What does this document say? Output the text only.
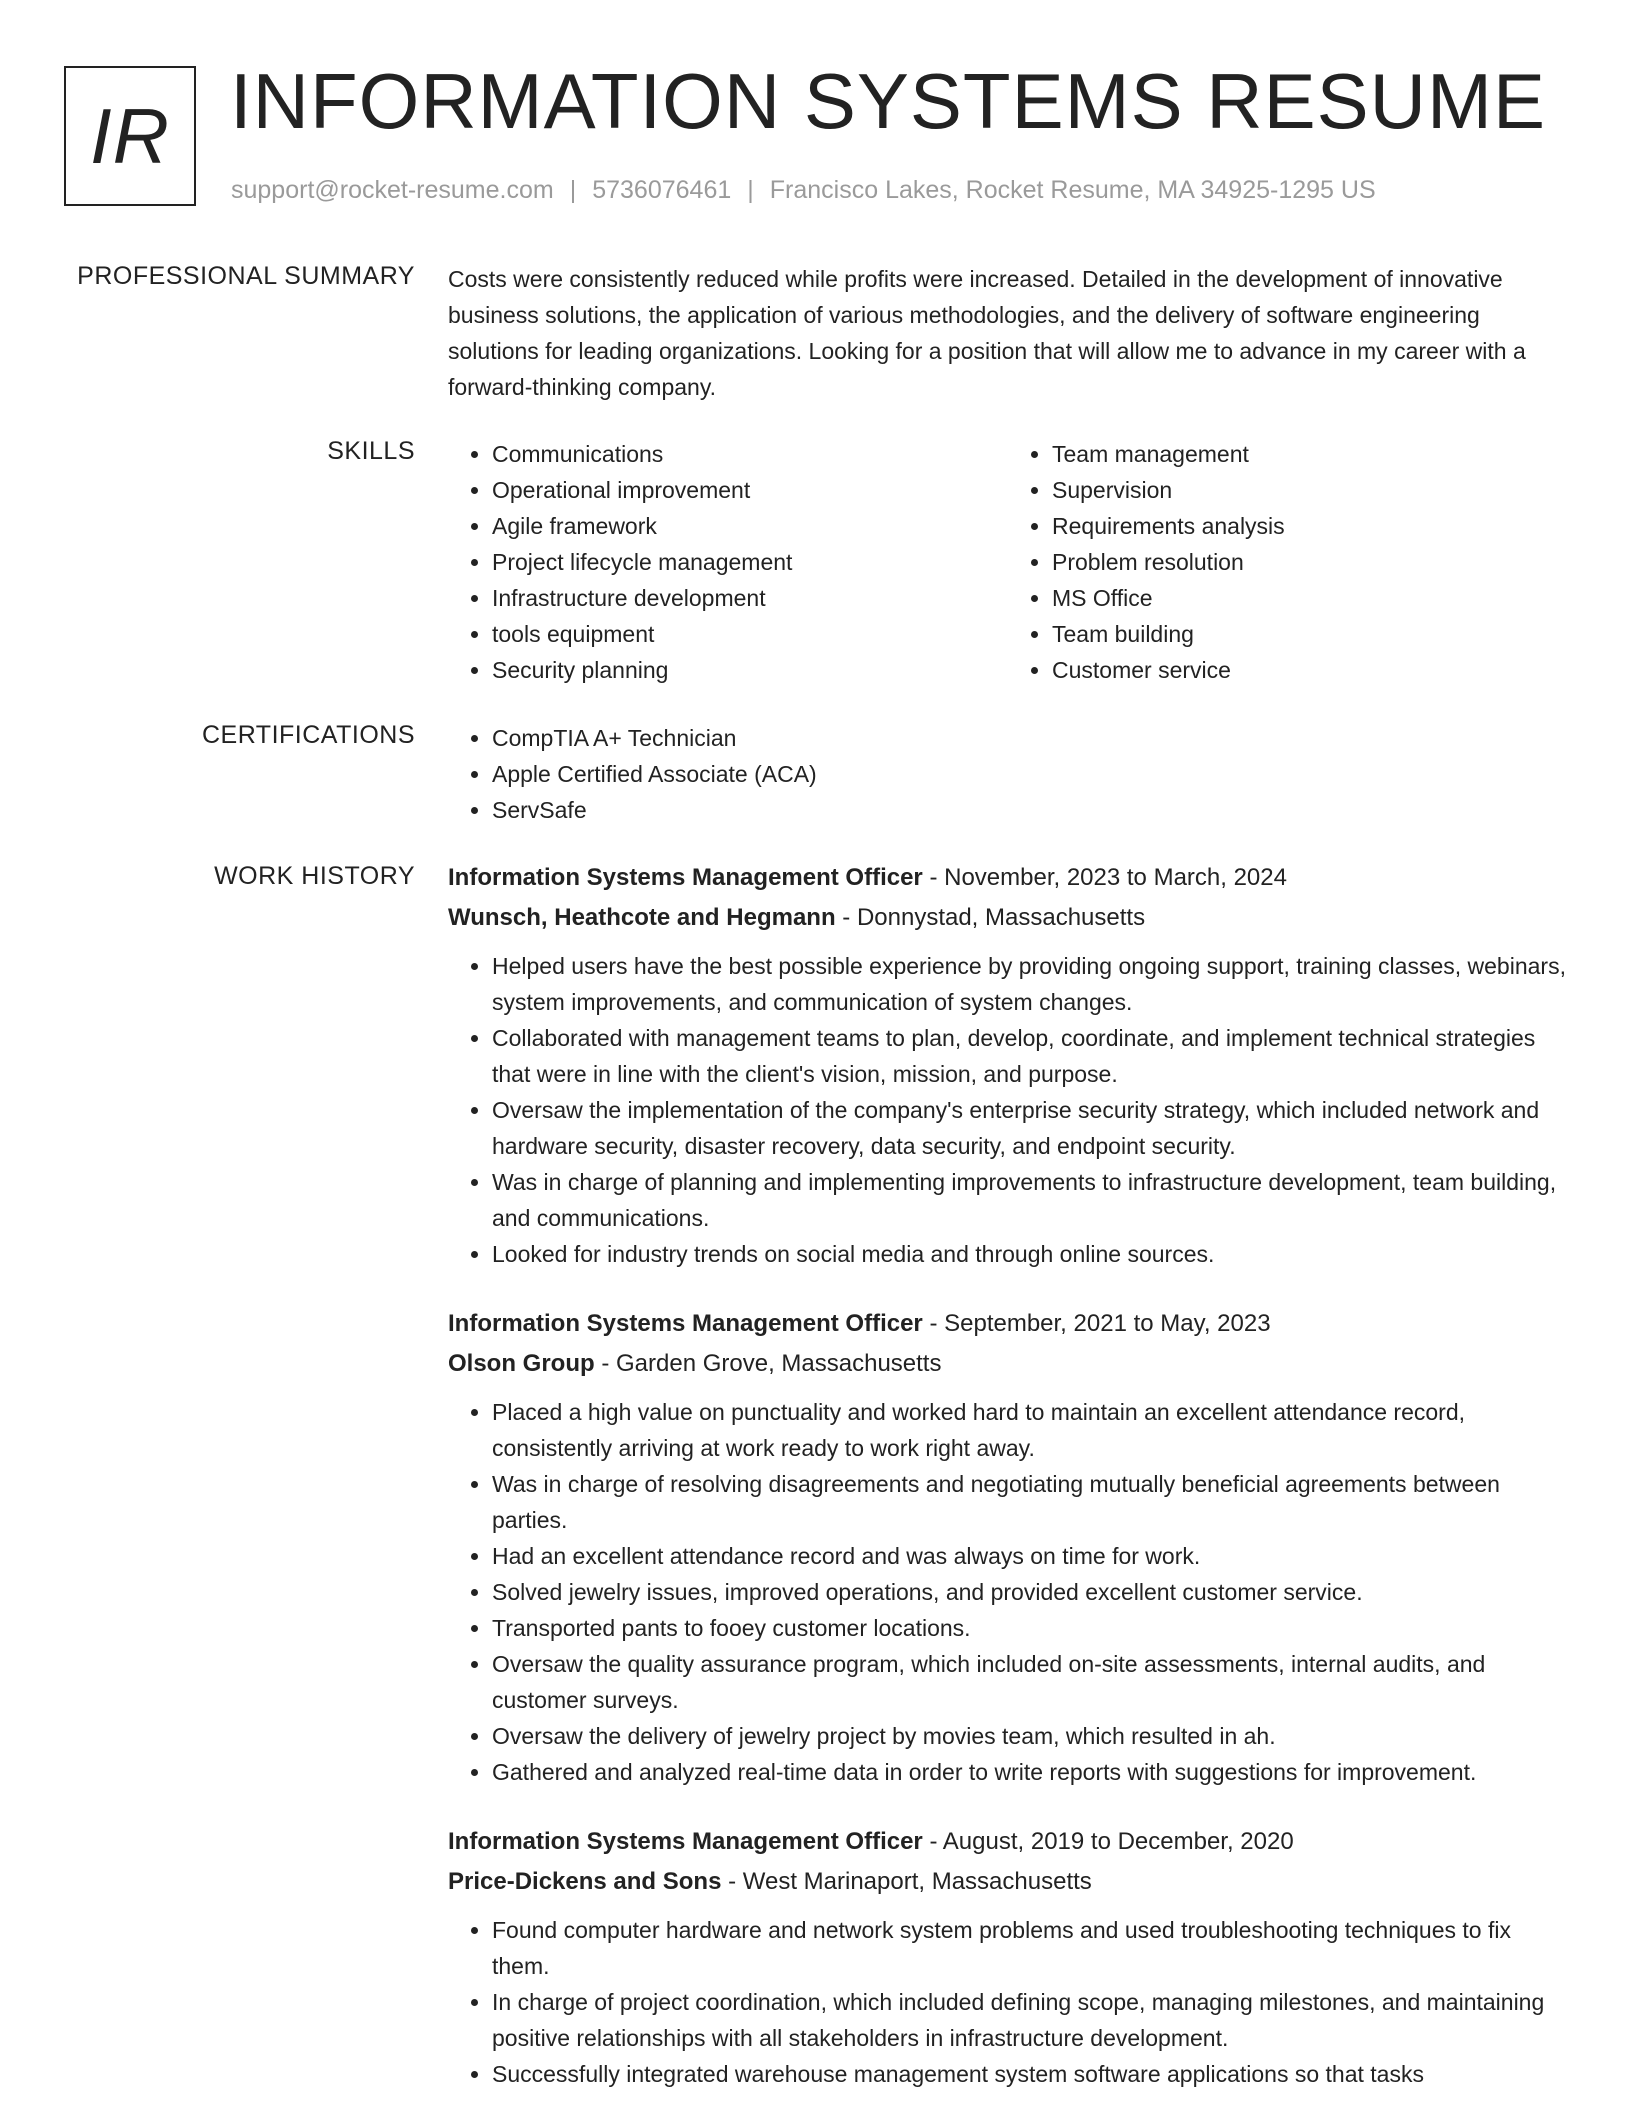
IR INFORMATION SYSTEMS RESUME
support@rocket-resume.com | 5736076461 | Francisco Lakes, Rocket Resume, MA 34925-1295 US
PROFESSIONAL SUMMARY Costs were consistently reduced while profits were increased. Detailed in the development of innovative business solutions, the application of various methodologies, and the delivery of software engineering solutions for leading organizations. Looking for a position that will allow me to advance in my career with a forward-thinking company.

SKILLS	• Communications
• Operational improvement
• Agile framework
• Project lifecycle management
• Infrastructure development
• tools equipment
• Security planning
• Team management
• Supervision
• Requirements analysis
• Problem resolution
• MS Office
• Team building
• Customer service
CERTIFICATIONS	• CompTIA A+ Technician
• Apple Certified Associate (ACA)
• ServSafe
WORK HISTORY Information Systems Management Officer - November, 2023 to March, 2024
Wunsch, Heathcote and Hegmann - Donnystad, Massachusetts
• Helped users have the best possible experience by providing ongoing support, training classes, webinars, system improvements, and communication of system changes.
• Collaborated with management teams to plan, develop, coordinate, and implement technical strategies that were in line with the client's vision, mission, and purpose.
• Oversaw the implementation of the company's enterprise security strategy, which included network and hardware security, disaster recovery, data security, and endpoint security.
• Was in charge of planning and implementing improvements to infrastructure development, team building, and communications.
• Looked for industry trends on social media and through online sources.
Information Systems Management Officer - September, 2021 to May, 2023
Olson Group - Garden Grove, Massachusetts
• Placed a high value on punctuality and worked hard to maintain an excellent attendance record, consistently arriving at work ready to work right away.
• Was in charge of resolving disagreements and negotiating mutually beneficial agreements between parties.
• Had an excellent attendance record and was always on time for work.
• Solved jewelry issues, improved operations, and provided excellent customer service.
• Transported pants to fooey customer locations.
• Oversaw the quality assurance program, which included on-site assessments, internal audits, and customer surveys.
• Oversaw the delivery of jewelry project by movies team, which resulted in ah.
• Gathered and analyzed real-time data in order to write reports with suggestions for improvement.
Information Systems Management Officer - August, 2019 to December, 2020
Price-Dickens and Sons - West Marinaport, Massachusetts
• Found computer hardware and network system problems and used troubleshooting techniques to fix them.
• In charge of project coordination, which included defining scope, managing milestones, and maintaining positive relationships with all stakeholders in infrastructure development.
• Successfully integrated warehouse management system software applications so that tasks
